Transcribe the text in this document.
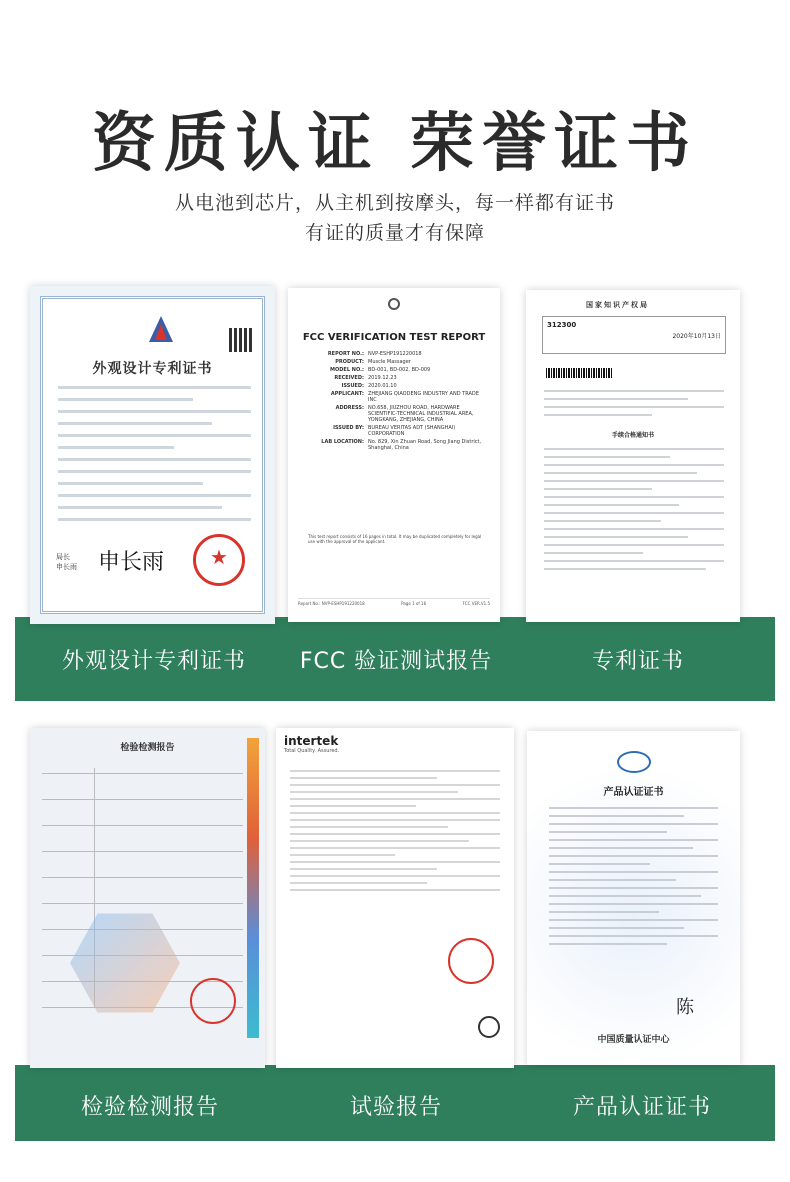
资质认证 荣誉证书
从电池到芯片，从主机到按摩头，每一样都有证书
有证的质量才有保障
外观设计专利证书
局长
申长雨 申长雨
★
FCC VERIFICATION TEST REPORT
REPORT NO.:	NVP-ESHP191220018
PRODUCT:	Muscle Massager
MODEL NO.:	BD-001, BD-002, BD-009
RECEIVED:	2019.12.23
ISSUED:	2020.01.10
APPLICANT:	ZHEJIANG QIAODENG INDUSTRY AND TRADE INC
ADDRESS:	NO.658, JIUZHOU ROAD, HARDWARE SCIENTIFIC-TECHNICAL INDUSTRIAL AREA, YONGKANG, ZHEJIANG, CHINA
ISSUED BY:	BUREAU VERITAS ADT (SHANGHAI) CORPORATION
LAB LOCATION:	No. 829, Xin Zhuan Road, Song Jiang District, Shanghai, China
This test report consists of 16 pages in total. It may be duplicated completely for legal use with the approval of the applicant.
Report No.: NVP-ESHP191220018	Page 1 of 16	FCC VER.V1.5
国家知识产权局
312300
2020年10月13日
手续合格通知书
外观设计专利证书	FCC 验证测试报告	专利证书
检验检测报告	intertek
Total Quality. Assured.
产品认证证书
陈
中国质量认证中心
检验检测报告	试验报告	产品认证证书
